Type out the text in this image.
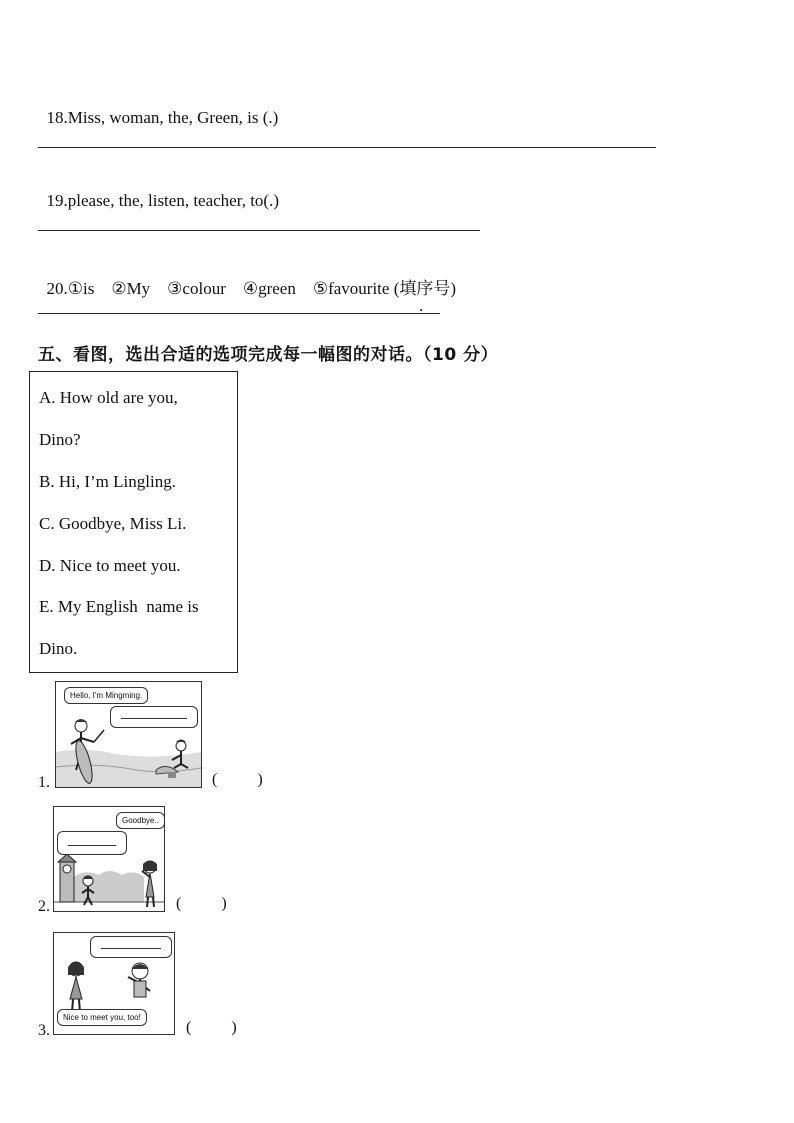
18.Miss, woman, the, Green, is (.)

19.please, the, listen, teacher, to(.)

20.①is    ②My    ③colour    ④green    ⑤favourite (填序号)

.
五、看图，选出合适的选项完成每一幅图的对话。（10 分）
A. How old are you,
Dino?
B. Hi, I’m Lingling.
C. Goodbye, Miss Li.
D. Nice to meet you.
E. My English  name is
Dino.
Hello, I'm Mingming.
1.	(          )
Goodbye..
2.	(          )
Nice to meet you, too!
3.	(          )
